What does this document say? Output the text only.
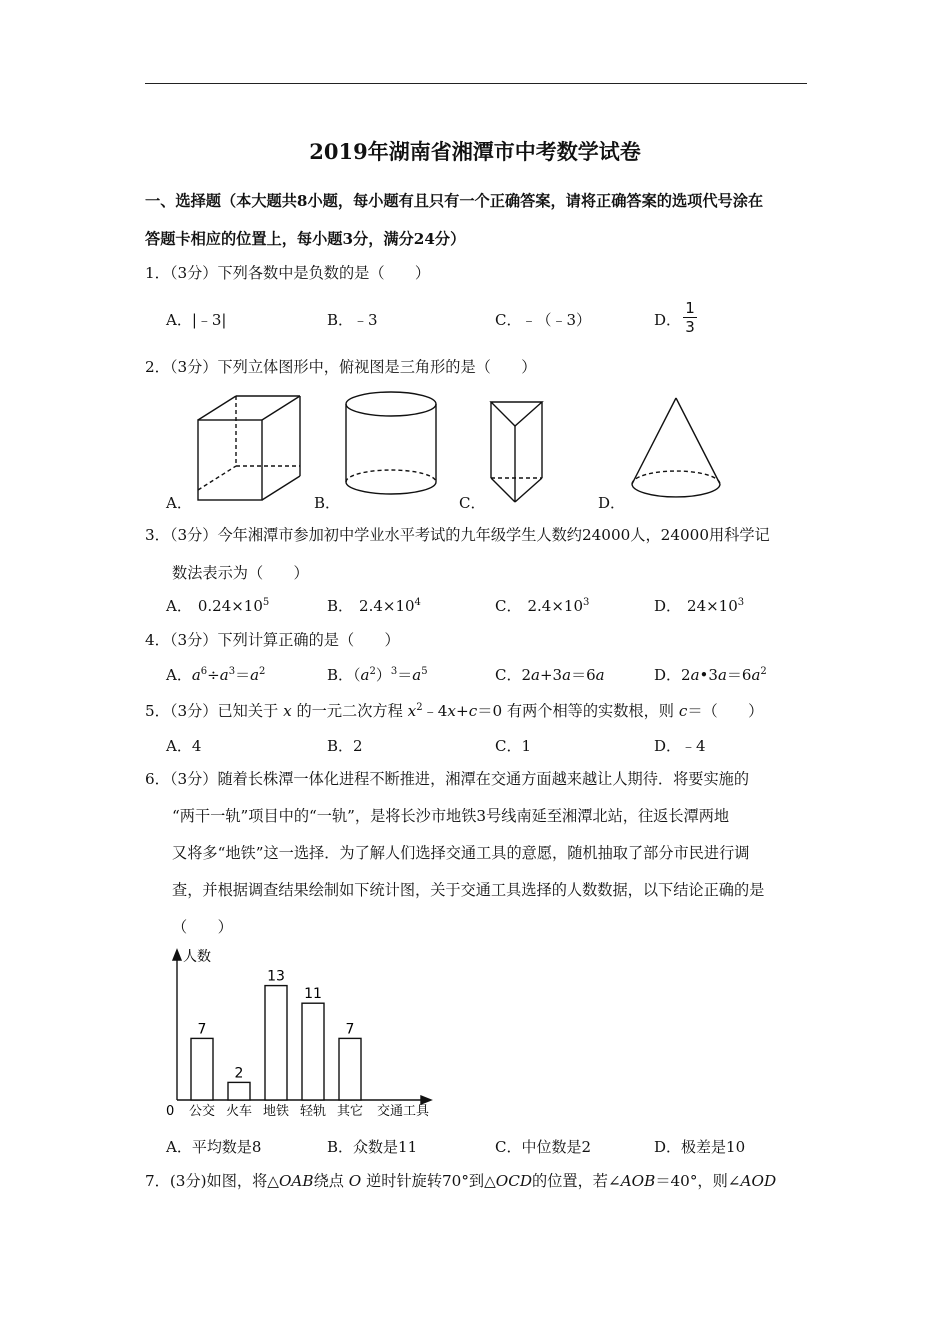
2019年湖南省湘潭市中考数学试卷
一、选择题（本大题共8小题，每小题有且只有一个正确答案，请将正确答案的选项代号涂在
答题卡相应的位置上，每小题3分，满分24分）
1．（3分）下列各数中是负数的是（　　）
A．|﹣3|	B．﹣3	C．﹣（﹣3）	D．
1
3
2．（3分）下列立体图形中，俯视图是三角形的是（　　）
A．	B．	C．	D．
3．（3分）今年湘潭市参加初中学业水平考试的九年级学生人数约24000人，24000用科学记
数法表示为（　　）
A． $0.24\times 10^5$	B． $2.4\times 10^4$	C． $2.4\times 10^3$	D． $24\times 10^3$
4．（3分）下列计算正确的是（　　）
A．$a^6\div a^3=a^2$	B．$(a^2)^3=a^5$	C．2a+3a＝6a	D．$2a•3a=6a^2$
5．（3分）已知关于 x 的一元二次方程 $x^2﹣4x+c=0$ 有两个相等的实数根，则 c＝（　　）
A．4	B．2	C．1	D．﹣4
6．（3分）随着长株潭一体化进程不断推进，湘潭在交通方面越来越让人期待．将要实施的
“两干一轨”项目中的“一轨”，是将长沙市地铁3号线南延至湘潭北站，往返长潭两地
又将多“地铁”这一选择．为了解人们选择交通工具的意愿，随机抽取了部分市民进行调
查，并根据调查结果绘制如下统计图，关于交通工具选择的人数数据，以下结论正确的是
（　　）
7
公交
2
火车
13
地铁
11
轻轨
7
其它
人数
0	交通工具
A．平均数是8	B．众数是11	C．中位数是2	D．极差是10
7．(3分)如图，将△OAB绕点 O 逆时针旋转70°到△OCD的位置，若∠AOB＝40°，则∠AOD
